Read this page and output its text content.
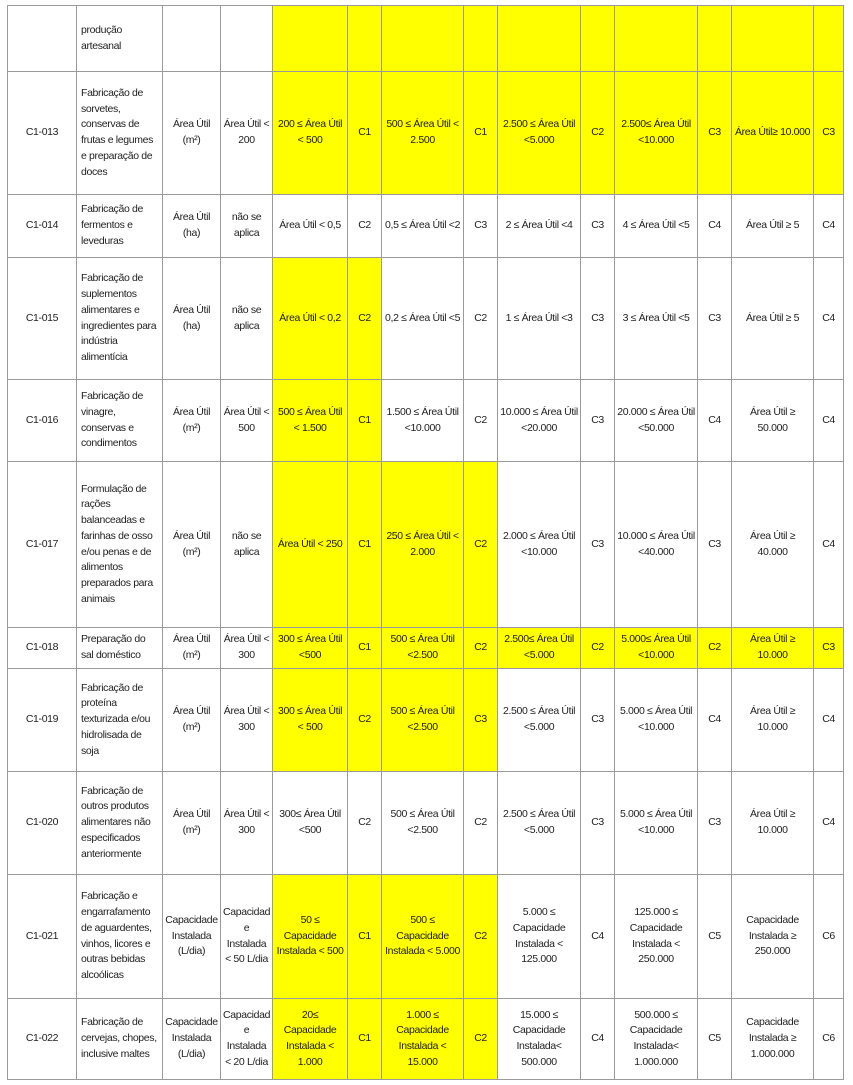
	produção artesanal												
C1-013	Fabricação de sorvetes, conservas de frutas e legumes e preparação de doces	Área Útil (m²)	Área Útil < 200	200 ≤ Área Útil < 500	C1	500 ≤ Área Útil < 2.500	C1	2.500 ≤ Área Útil <5.000	C2	2.500≤ Área Útil <10.000	C3	Área Útil≥ 10.000	C3
C1-014	Fabricação de fermentos e leveduras	Área Útil (ha)	não se aplica	Área Útil < 0,5	C2	0,5 ≤ Área Útil <2	C3	2 ≤ Área Útil <4	C3	4 ≤ Área Útil <5	C4	Área Útil ≥ 5	C4
C1-015	Fabricação de suplementos alimentares e ingredientes para indústria alimentícia	Área Útil (ha)	não se aplica	Área Útil < 0,2	C2	0,2 ≤ Área Útil <5	C2	1 ≤ Área Útil <3	C3	3 ≤ Área Útil <5	C3	Área Útil ≥ 5	C4
C1-016	Fabricação de vinagre, conservas e condimentos	Área Útil (m²)	Área Útil < 500	500 ≤ Área Útil < 1.500	C1	1.500 ≤ Área Útil <10.000	C2	10.000 ≤ Área Útil <20.000	C3	20.000 ≤ Área Útil <50.000	C4	Área Útil ≥ 50.000	C4
C1-017	Formulação de rações balanceadas e farinhas de osso e/ou penas e de alimentos preparados para animais	Área Útil (m²)	não se aplica	Área Útil < 250	C1	250 ≤ Área Útil < 2.000	C2	2.000 ≤ Área Útil <10.000	C3	10.000 ≤ Área Útil <40.000	C3	Área Útil ≥ 40.000	C4
C1-018	Preparação do sal doméstico	Área Útil (m²)	Área Útil < 300	300 ≤ Área Útil <500	C1	500 ≤ Área Útil <2.500	C2	2.500≤ Área Útil <5.000	C2	5.000≤ Área Útil <10.000	C2	Área Útil ≥ 10.000	C3
C1-019	Fabricação de proteína texturizada e/ou hidrolisada de soja	Área Útil (m²)	Área Útil < 300	300 ≤ Área Útil < 500	C2	500 ≤ Área Útil <2.500	C3	2.500 ≤ Área Útil <5.000	C3	5.000 ≤ Área Útil <10.000	C4	Área Útil ≥ 10.000	C4
C1-020	Fabricação de outros produtos alimentares não especificados anteriormente	Área Útil (m²)	Área Útil < 300	300≤ Área Útil <500	C2	500 ≤ Área Útil <2.500	C2	2.500 ≤ Área Útil <5.000	C3	5.000 ≤ Área Útil <10.000	C3	Área Útil ≥ 10.000	C4
C1-021	Fabricação e engarrafamento de aguardentes, vinhos, licores e outras bebidas alcoólicas	Capacidade Instalada (L/dia)	Capacidad e Instalada < 50 L/dia	50 ≤ Capacidade Instalada < 500	C1	500 ≤ Capacidade Instalada < 5.000	C2	5.000 ≤ Capacidade Instalada < 125.000	C4	125.000 ≤ Capacidade Instalada < 250.000	C5	Capacidade Instalada ≥ 250.000	C6
C1-022	Fabricação de cervejas, chopes, inclusive maltes	Capacidade Instalada (L/dia)	Capacidad e Instalada < 20 L/dia	20≤ Capacidade Instalada < 1.000	C1	1.000 ≤ Capacidade Instalada < 15.000	C2	15.000 ≤ Capacidade Instalada< 500.000	C4	500.000 ≤ Capacidade Instalada< 1.000.000	C5	Capacidade Instalada ≥ 1.000.000	C6
